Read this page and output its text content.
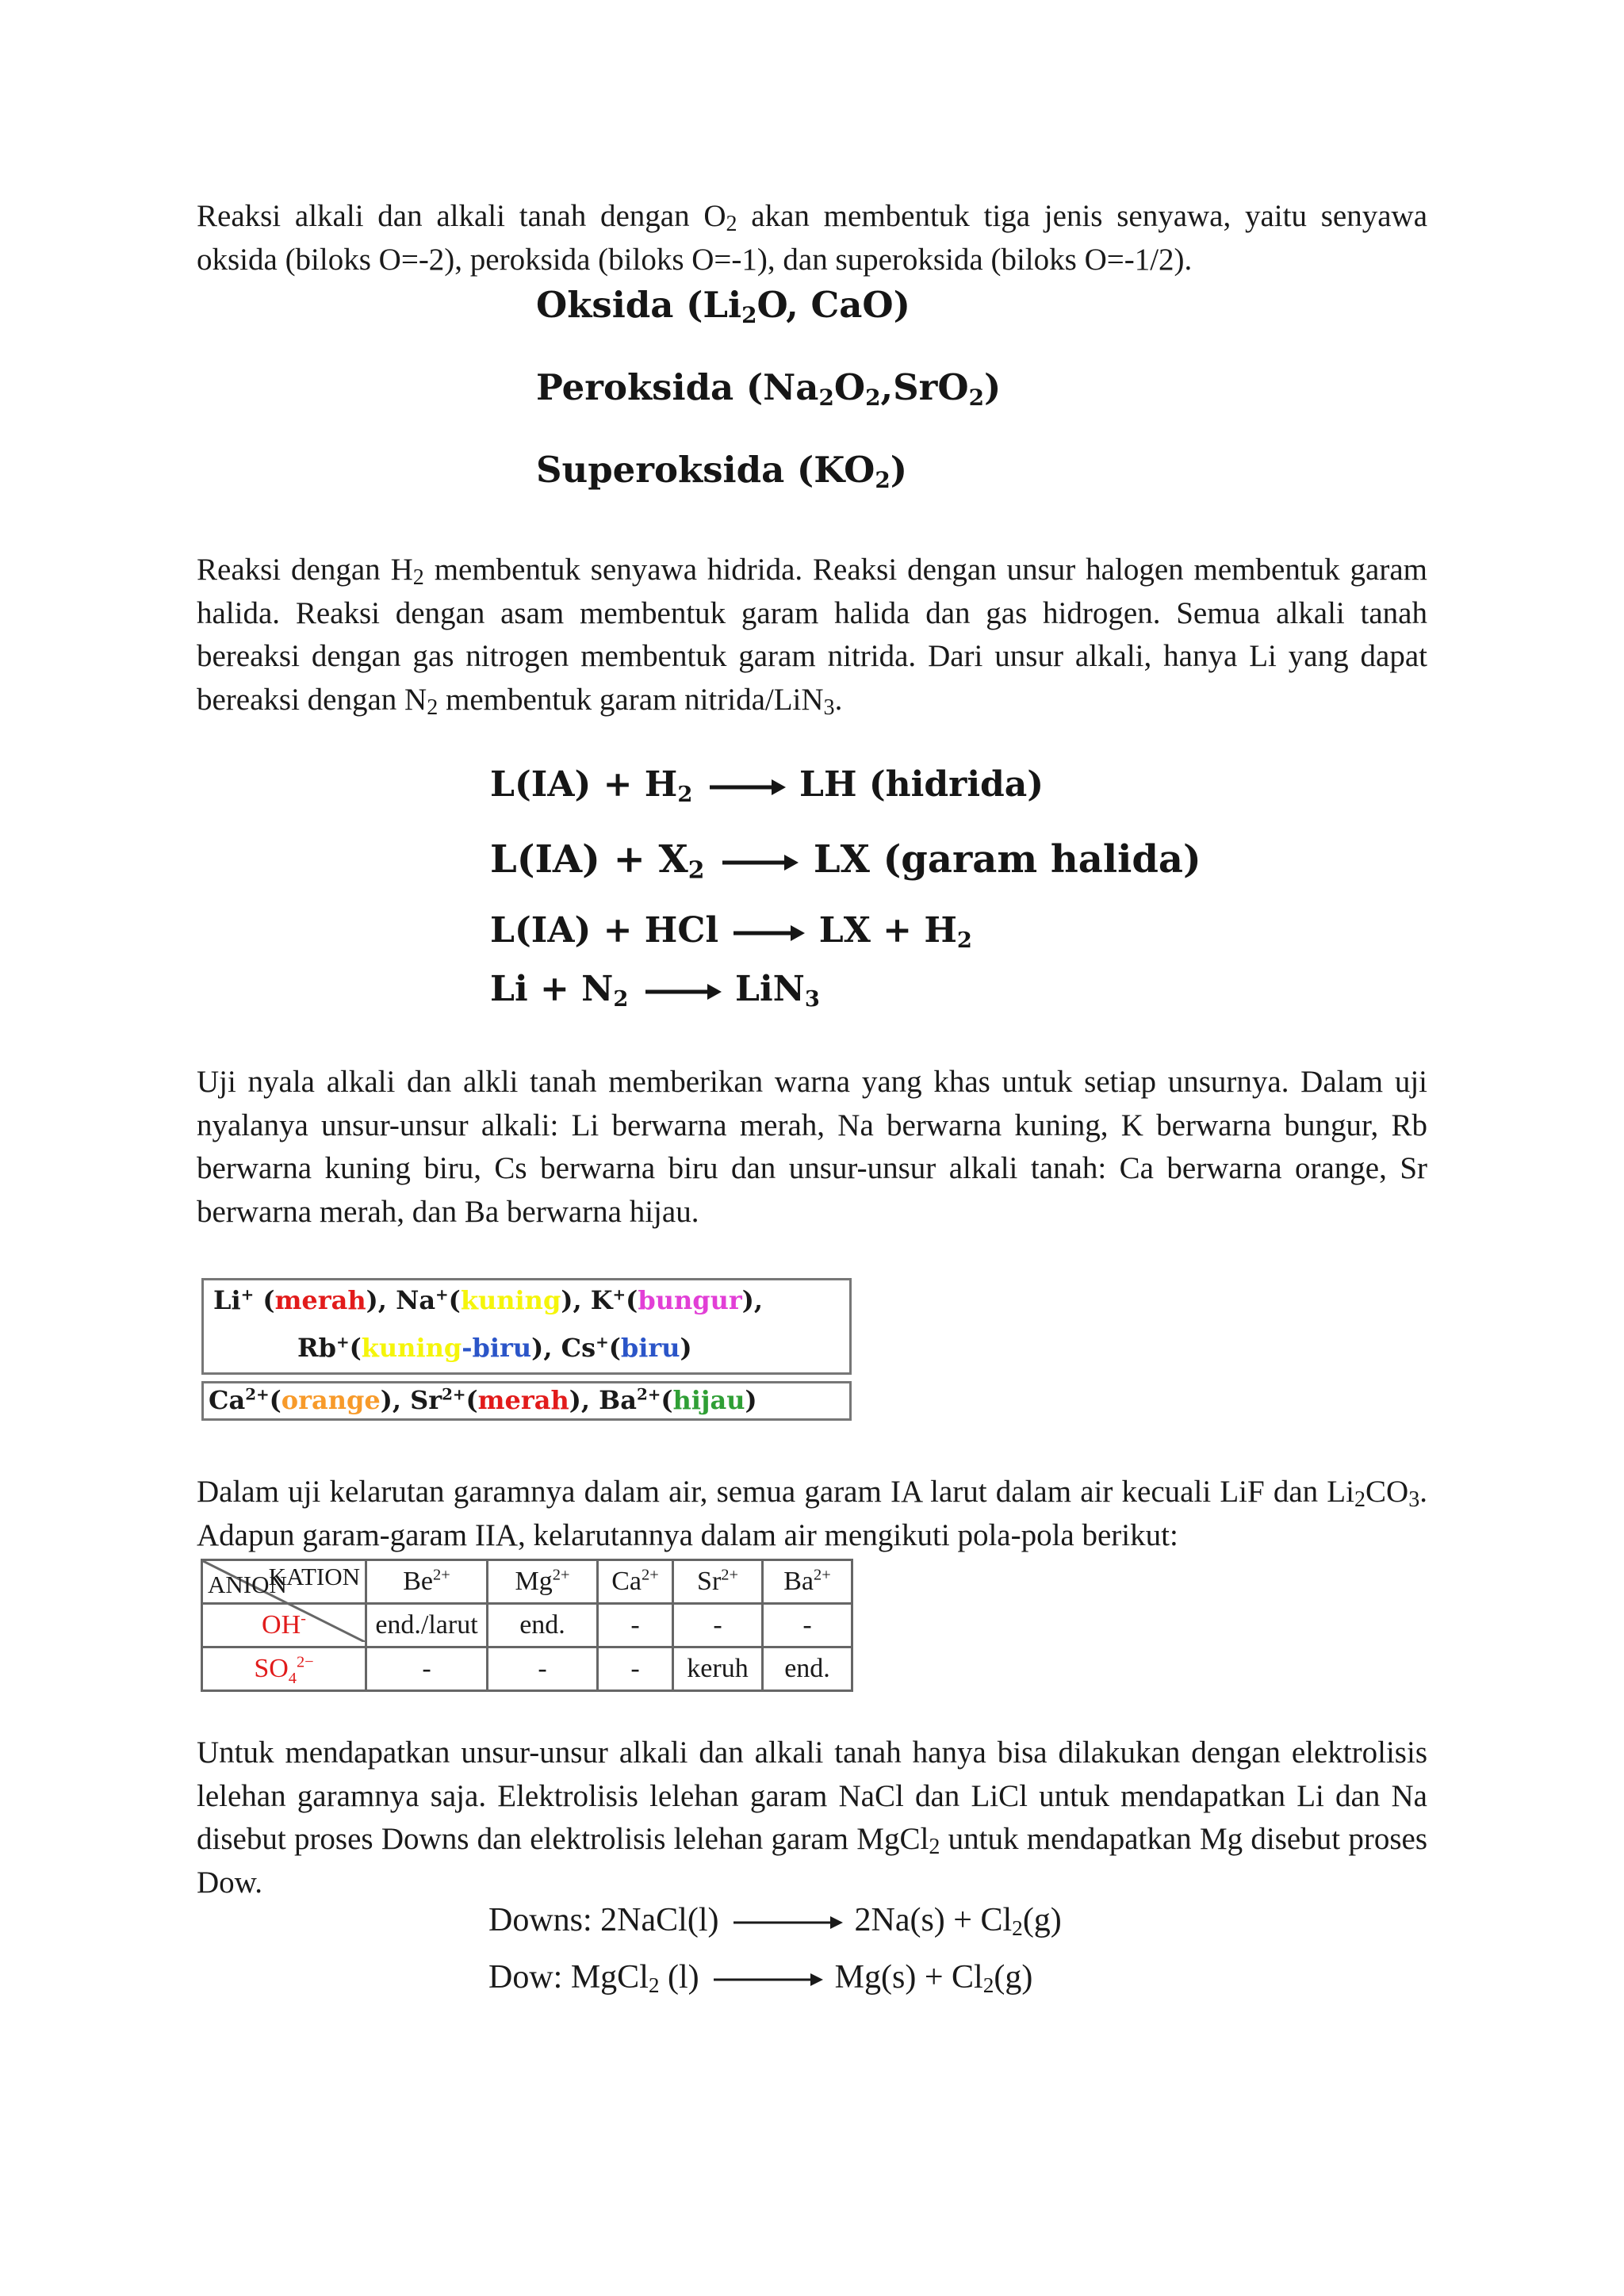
Reaksi alkali dan alkali tanah dengan $O_2$ akan membentuk tiga jenis senyawa, yaitu senyawa oksida (biloks O=-2), peroksida (biloks O=-1), dan superoksida (biloks O=-1/2).

Oksida ($Li_2O$, CaO)
Peroksida $(Na_2O_2,SrO_2)$
Superoksida $(KO_2)$

Reaksi dengan $H_2$ membentuk senyawa hidrida. Reaksi dengan unsur halogen membentuk garam halida. Reaksi dengan asam membentuk garam halida dan gas hidrogen. Semua alkali tanah bereaksi dengan gas nitrogen membentuk garam nitrida. Dari unsur alkali, hanya Li yang dapat bereaksi dengan $N_2$ membentuk garam nitrida/LiN$_3$.

$L(IA) + H_2$	LH (hidrida)
$L(IA) + X_2$	LX (garam halida)
L(IA) + HCl	LX + $H_2$
$Li + N_2$	LiN$_3$

Uji nyala alkali dan alkli tanah memberikan warna yang khas untuk setiap unsurnya. Dalam uji nyalanya unsur-unsur alkali: Li berwarna merah, Na berwarna kuning, K berwarna bungur, Rb berwarna kuning biru, Cs berwarna biru dan unsur-unsur alkali tanah: Ca berwarna orange, Sr berwarna merah, dan Ba berwarna hijau.

Li+ (merah), Na+(kuning), K+(bungur),
Rb+(kuning-biru), Cs+(biru)
$Ca^{2+}(orange)$, $Sr^{2+}(merah)$, $Ba^{2+}(hijau)$

Dalam uji kelarutan garamnya dalam air, semua garam IA larut dalam air kecuali LiF dan $Li_2CO_3$. Adapun garam-garam IIA, kelarutannya dalam air mengikuti pola-pola berikut:

KATION
ANION	$Be^{2+}$	$Mg^{2+}$	$Ca^{2+}$	$Sr^{2+}$	$Ba^{2+}$
OH-	end./larut	end.	-	-	-
$SO_4^{2-}$	-	-	-	keruh	end.

Untuk mendapatkan unsur-unsur alkali dan alkali tanah hanya bisa dilakukan dengan elektrolisis lelehan garamnya saja. Elektrolisis lelehan garam NaCl dan LiCl untuk mendapatkan Li dan Na disebut proses Downs dan elektrolisis lelehan garam MgCl$_2$ untuk mendapatkan Mg disebut proses Dow.

Downs: 2NaCl(l)	$2Na(s) + Cl_2(g)$
Dow: MgCl$_2$ (l)	$Mg(s) + Cl_2(g)$
